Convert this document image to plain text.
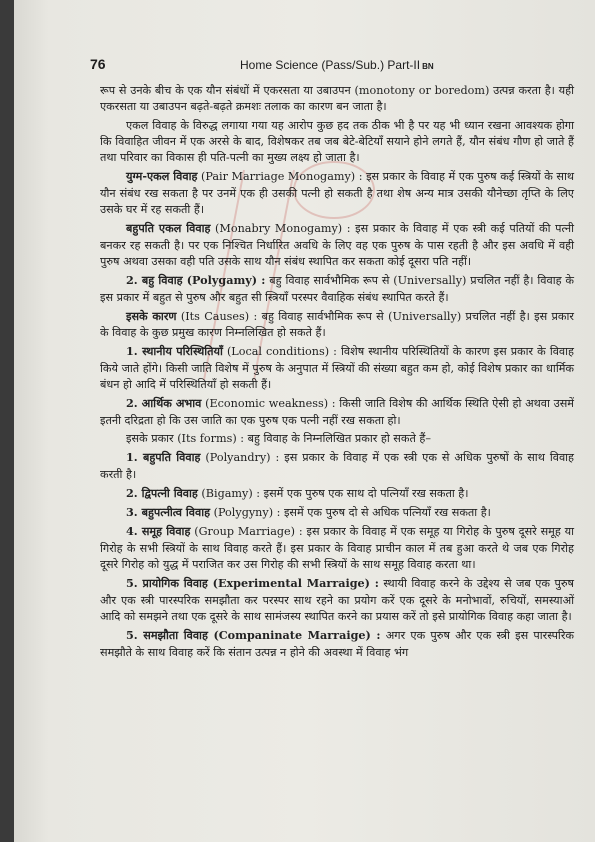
76	Home Science (Pass/Sub.) Part-II BN

रूप से उनके बीच के एक यौन संबंधों में एकरसता या उबाउपन (monotony or boredom) उत्पन्न करता है। यही एकरसता या उबाउपन बढ़ते-बढ़ते क्रमशः तलाक का कारण बन जाता है।

एकल विवाह के विरुद्ध लगाया गया यह आरोप कुछ हद तक ठीक भी है पर यह भी ध्यान रखना आवश्यक होगा कि विवाहित जीवन में एक अरसे के बाद, विशेषकर तब जब बेटे-बेटियाँ सयाने होने लगते हैं, यौन संबंध गौण हो जाते हैं तथा परिवार का विकास ही पति-पत्नी का मुख्य लक्ष्य हो जाता है।

युग्म-एकल विवाह (Pair Marriage Monogamy) : इस प्रकार के विवाह में एक पुरुष कई स्त्रियों के साथ यौन संबंध रख सकता है पर उनमें एक ही उसकी पत्नी हो सकती है तथा शेष अन्य मात्र उसकी यौनेच्छा तृप्ति के लिए उसके घर में रह सकती हैं।

बहुपति एकल विवाह (Monabry Monogamy) : इस प्रकार के विवाह में एक स्त्री कई पतियों की पत्नी बनकर रह सकती है। पर एक निश्चित निर्धारित अवधि के लिए वह एक पुरुष के पास रहती है और इस अवधि में वही पुरुष अथवा उसका वही पति उसके साथ यौन संबंध स्थापित कर सकता कोई दूसरा पति नहीं।

2. बहु विवाह (Polygamy) : बहु विवाह सार्वभौमिक रूप से (Universally) प्रचलित नहीं है। विवाह के इस प्रकार में बहुत से पुरुष और बहुत सी स्त्रियाँ परस्पर वैवाहिक संबंध स्थापित करते हैं।

इसके कारण (Its Causes) : बहु विवाह सार्वभौमिक रूप से (Universally) प्रचलित नहीं है। इस प्रकार के विवाह के कुछ प्रमुख कारण निम्नलिखित हो सकते हैं।

1. स्थानीय परिस्थितियाँ (Local conditions) : विशेष स्थानीय परिस्थितियों के कारण इस प्रकार के विवाह किये जाते होंगे। किसी जाति विशेष में पुरुष के अनुपात में स्त्रियों की संख्या बहुत कम हो, कोई विशेष प्रकार का धार्मिक बंधन हो आदि में परिस्थितियाँ हो सकती हैं।

2. आर्थिक अभाव (Economic weakness) : किसी जाति विशेष की आर्थिक स्थिति ऐसी हो अथवा उसमें इतनी दरिद्रता हो कि उस जाति का एक पुरुष एक पत्नी नहीं रख सकता हो।

इसके प्रकार (Its forms) : बहु विवाह के निम्नलिखित प्रकार हो सकते हैं–

1. बहुपति विवाह (Polyandry) : इस प्रकार के विवाह में एक स्त्री एक से अधिक पुरुषों के साथ विवाह करती है।

2. द्विपत्नी विवाह (Bigamy) : इसमें एक पुरुष एक साथ दो पत्नियाँ रख सकता है।

3. बहुपत्नीत्व विवाह (Polygyny) : इसमें एक पुरुष दो से अधिक पत्नियाँ रख सकता है।

4. समूह विवाह (Group Marriage) : इस प्रकार के विवाह में एक समूह या गिरोह के पुरुष दूसरे समूह या गिरोह के सभी स्त्रियों के साथ विवाह करते हैं। इस प्रकार के विवाह प्राचीन काल में तब हुआ करते थे जब एक गिरोह दूसरे गिरोह को युद्ध में पराजित कर उस गिरोह की सभी स्त्रियों के साथ समूह विवाह करता था।

5. प्रायोगिक विवाह (Experimental Marraige) : स्थायी विवाह करने के उद्देश्य से जब एक पुरुष और एक स्त्री पारस्परिक समझौता कर परस्पर साथ रहने का प्रयोग करें एक दूसरे के मनोभावों, रुचियों, समस्याओं आदि को समझने तथा एक दूसरे के साथ सामंजस्य स्थापित करने का प्रयास करें तो इसे प्रायोगिक विवाह कहा जाता है।

5. समझौता विवाह (Companinate Marraige) : अगर एक पुरुष और एक स्त्री इस पारस्परिक समझौते के साथ विवाह करें कि संतान उत्पन्न न होने की अवस्था में विवाह भंग
